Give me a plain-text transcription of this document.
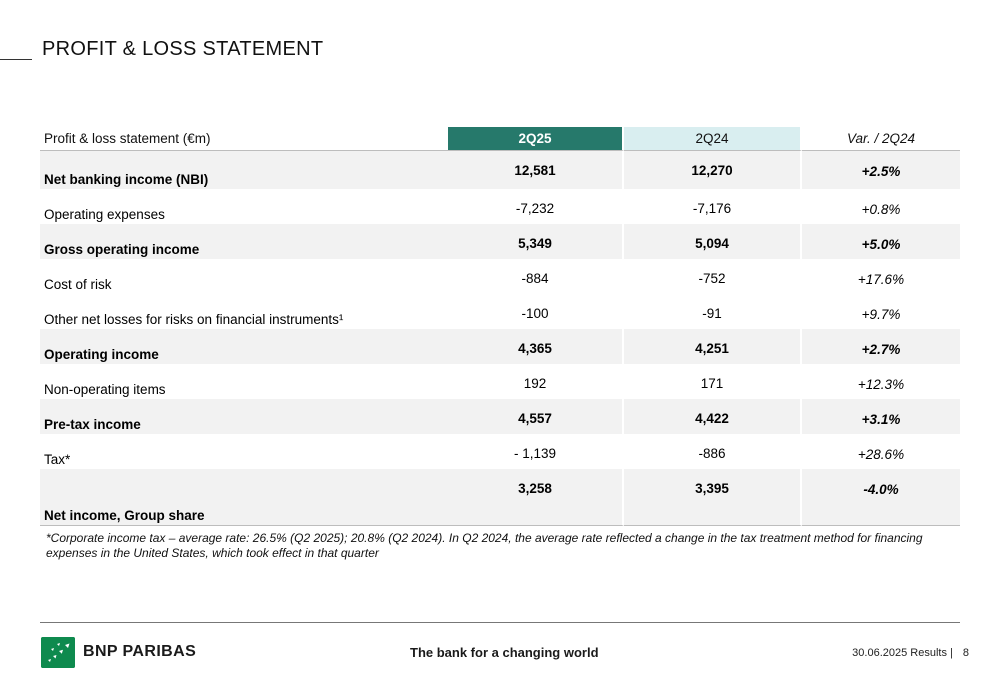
PROFIT & LOSS STATEMENT
Profit & loss statement (€m)	2Q25	2Q24	Var. / 2Q24
Net banking income (NBI)	12,581	12,270	+2.5%
Operating expenses	-7,232	-7,176	+0.8%
Gross operating income	5,349	5,094	+5.0%
Cost of risk	-884	-752	+17.6%
Other net losses for risks on financial instruments¹	-100	-91	+9.7%
Operating income	4,365	4,251	+2.7%
Non-operating items	192	171	+12.3%
Pre-tax income	4,557	4,422	+3.1%
Tax*	- 1,139	-886	+28.6%
Net income, Group share	3,258	3,395	-4.0%
*Corporate income tax – average rate: 26.5% (Q2 2025); 20.8% (Q2 2024). In Q2 2024, the average rate reflected a change in the tax treatment method for financing expenses in the United States, which took effect in that quarter
BNP PARIBAS	The bank for a changing world	30.06.2025 Results | 8
